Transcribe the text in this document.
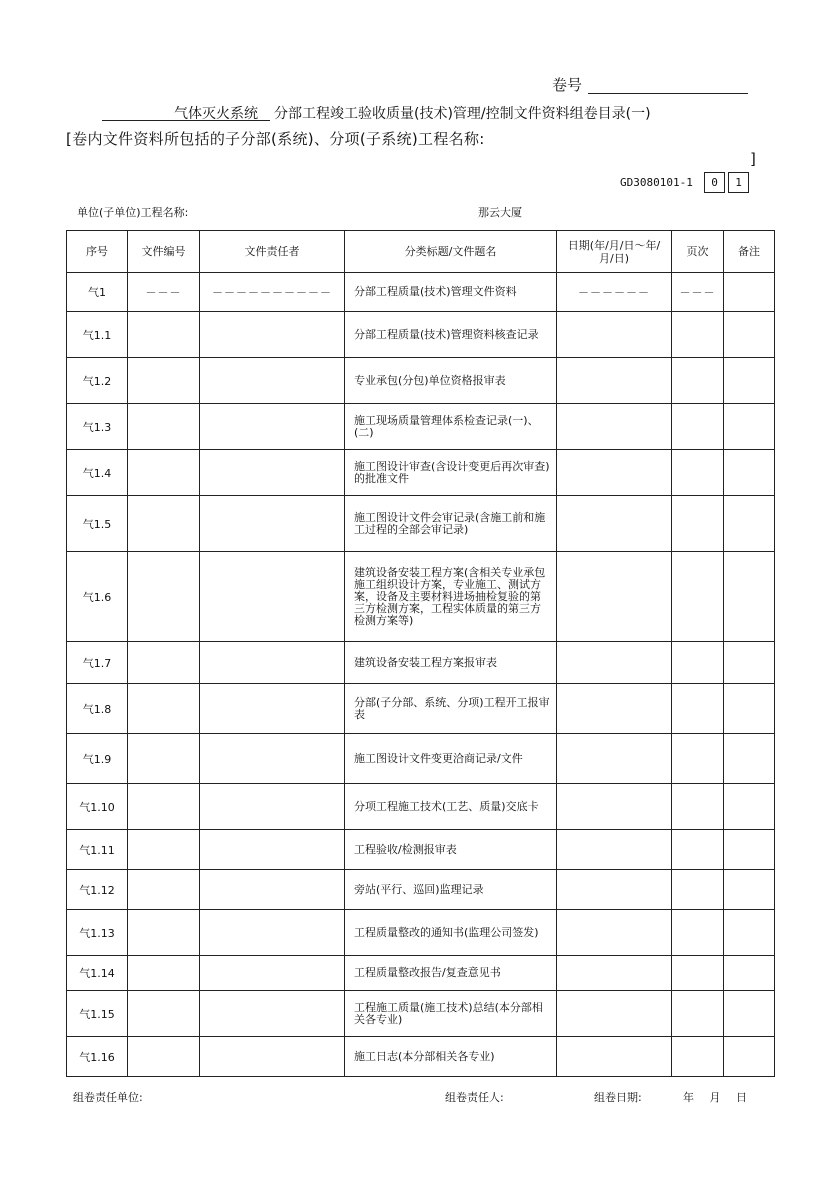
卷号
气体灭火系统 分部工程竣工验收质量(技术)管理/控制文件资料组卷目录(一)
[卷内文件资料所包括的子分部(系统)、分项(子系统)工程名称:
]
GD3080101-1	0	1
单位(子单位)工程名称:	那云大厦
序号	文件编号	文件责任者	分类标题/文件题名	日期(年/月/日～年/月/日)	页次	备注
气1	－－－	－－－－－－－－－－	分部工程质量(技术)管理文件资料	－－－－－－	－－－	
气1.1			分部工程质量(技术)管理资料核查记录			
气1.2			专业承包(分包)单位资格报审表			
气1.3			施工现场质量管理体系检查记录(一)、(二)			
气1.4			施工图设计审查(含设计变更后再次审查)的批准文件			
气1.5			施工图设计文件会审记录(含施工前和施工过程的全部会审记录)			
气1.6			建筑设备安装工程方案(含相关专业承包施工组织设计方案，专业施工、测试方案，设备及主要材料进场抽检复验的第三方检测方案，工程实体质量的第三方检测方案等)			
气1.7			建筑设备安装工程方案报审表			
气1.8			分部(子分部、系统、分项)工程开工报审表			
气1.9			施工图设计文件变更洽商记录/文件			
气1.10			分项工程施工技术(工艺、质量)交底卡			
气1.11			工程验收/检测报审表			
气1.12			旁站(平行、巡回)监理记录			
气1.13			工程质量整改的通知书(监理公司签发)			
气1.14			工程质量整改报告/复查意见书			
气1.15			工程施工质量(施工技术)总结(本分部相关各专业)			
气1.16			施工日志(本分部相关各专业)			
组卷责任单位:	组卷责任人:	组卷日期:	年 月 日
